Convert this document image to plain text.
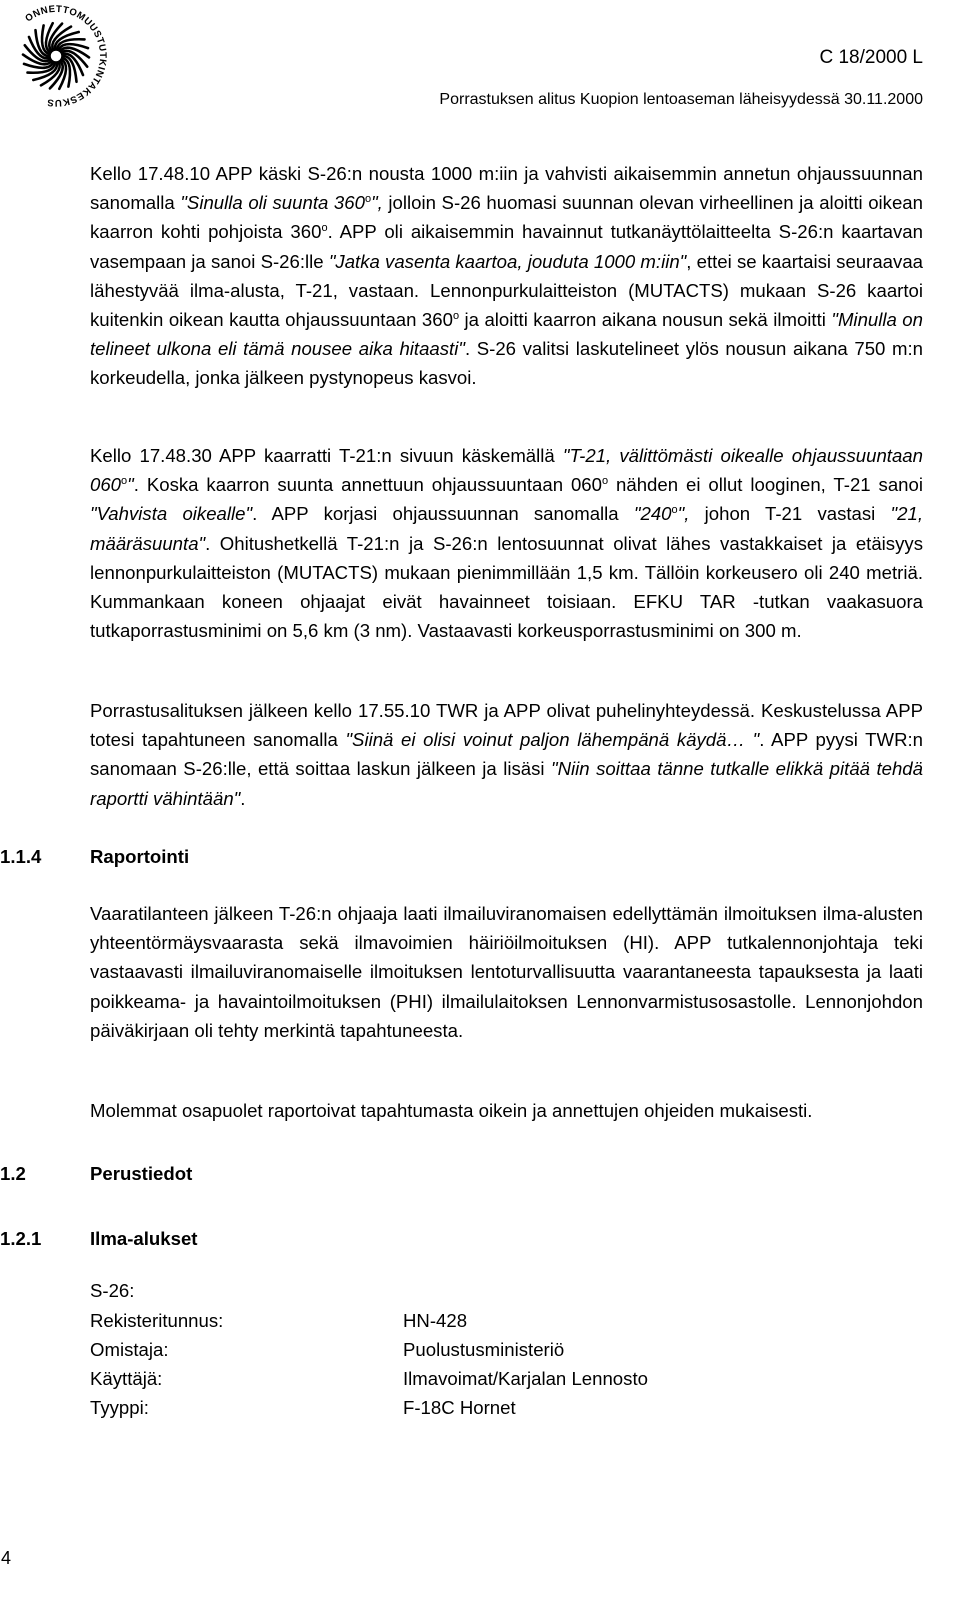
ONNETTOMUUSTUTKINTAKESKUS
C 18/2000 L
Porrastuksen alitus Kuopion lentoaseman läheisyydessä 30.11.2000

Kello 17.48.10 APP käski S-26:n nousta 1000 m:iin ja vahvisti aikaisemmin annetun ohjaussuunnan sanomalla "Sinulla oli suunta 360$^o$", jolloin S-26 huomasi suunnan olevan virheellinen ja aloitti oikean kaarron kohti pohjoista 360$^o$. APP oli aikaisemmin havainnut tutkanäyttölaitteelta S-26:n kaartavan vasempaan ja sanoi S-26:lle "Jatka vasenta kaartoa, jouduta 1000 m:iin", ettei se kaartaisi seuraavaa lähestyvää ilma-alusta, T-21, vastaan. Lennonpurkulaitteiston (MUTACTS) mukaan S-26 kaartoi kuitenkin oikean kautta ohjaussuuntaan 360$^o$ ja aloitti kaarron aikana nousun sekä ilmoitti "Minulla on telineet ulkona eli tämä nousee aika hitaasti". S-26 valitsi laskutelineet ylös nousun aikana 750 m:n korkeudella, jonka jälkeen pystynopeus kasvoi.

Kello 17.48.30 APP kaarratti T-21:n sivuun käskemällä "T-21, välittömästi oikealle ohjaussuuntaan 060$^o$". Koska kaarron suunta annettuun ohjaussuuntaan 060$^o$ nähden ei ollut looginen, T-21 sanoi "Vahvista oikealle". APP korjasi ohjaussuunnan sanomalla "240$^o$", johon T-21 vastasi "21, määräsuunta". Ohitushetkellä T-21:n ja S-26:n lentosuunnat olivat lähes vastakkaiset ja etäisyys lennonpurkulaitteiston (MUTACTS) mukaan pienimmillään 1,5 km. Tällöin korkeusero oli 240 metriä. Kummankaan koneen ohjaajat eivät havainneet toisiaan. EFKU TAR -tutkan vaakasuora tutkaporrastusminimi on 5,6 km (3 nm). Vastaavasti korkeusporrastusminimi on 300 m.

Porrastusalituksen jälkeen kello 17.55.10 TWR ja APP olivat puhelinyhteydessä. Keskustelussa APP totesi tapahtuneen sanomalla "Siinä ei olisi voinut paljon lähempänä käydä… ". APP pyysi TWR:n sanomaan S-26:lle, että soittaa laskun jälkeen ja lisäsi "Niin soittaa tänne tutkalle elikkä pitää tehdä raportti vähintään".

1.1.4	Raportointi

Vaaratilanteen jälkeen T-26:n ohjaaja laati ilmailuviranomaisen edellyttämän ilmoituksen ilma-alusten yhteentörmäysvaarasta sekä ilmavoimien häiriöilmoituksen (HI). APP tutkalennonjohtaja teki vastaavasti ilmailuviranomaiselle ilmoituksen lentoturvallisuutta vaarantaneesta tapauksesta ja laati poikkeama- ja havaintoilmoituksen (PHI) ilmailulaitoksen Lennonvarmistusosastolle. Lennonjohdon päiväkirjaan oli tehty merkintä tapahtuneesta.

Molemmat osapuolet raportoivat tapahtumasta oikein ja annettujen ohjeiden mukaisesti.

1.2	Perustiedot
1.2.1	Ilma-alukset
S-26:
Rekisteritunnus:	HN-428
Omistaja:	Puolustusministeriö
Käyttäjä:	Ilmavoimat/Karjalan Lennosto
Tyyppi:	F-18C Hornet
4
